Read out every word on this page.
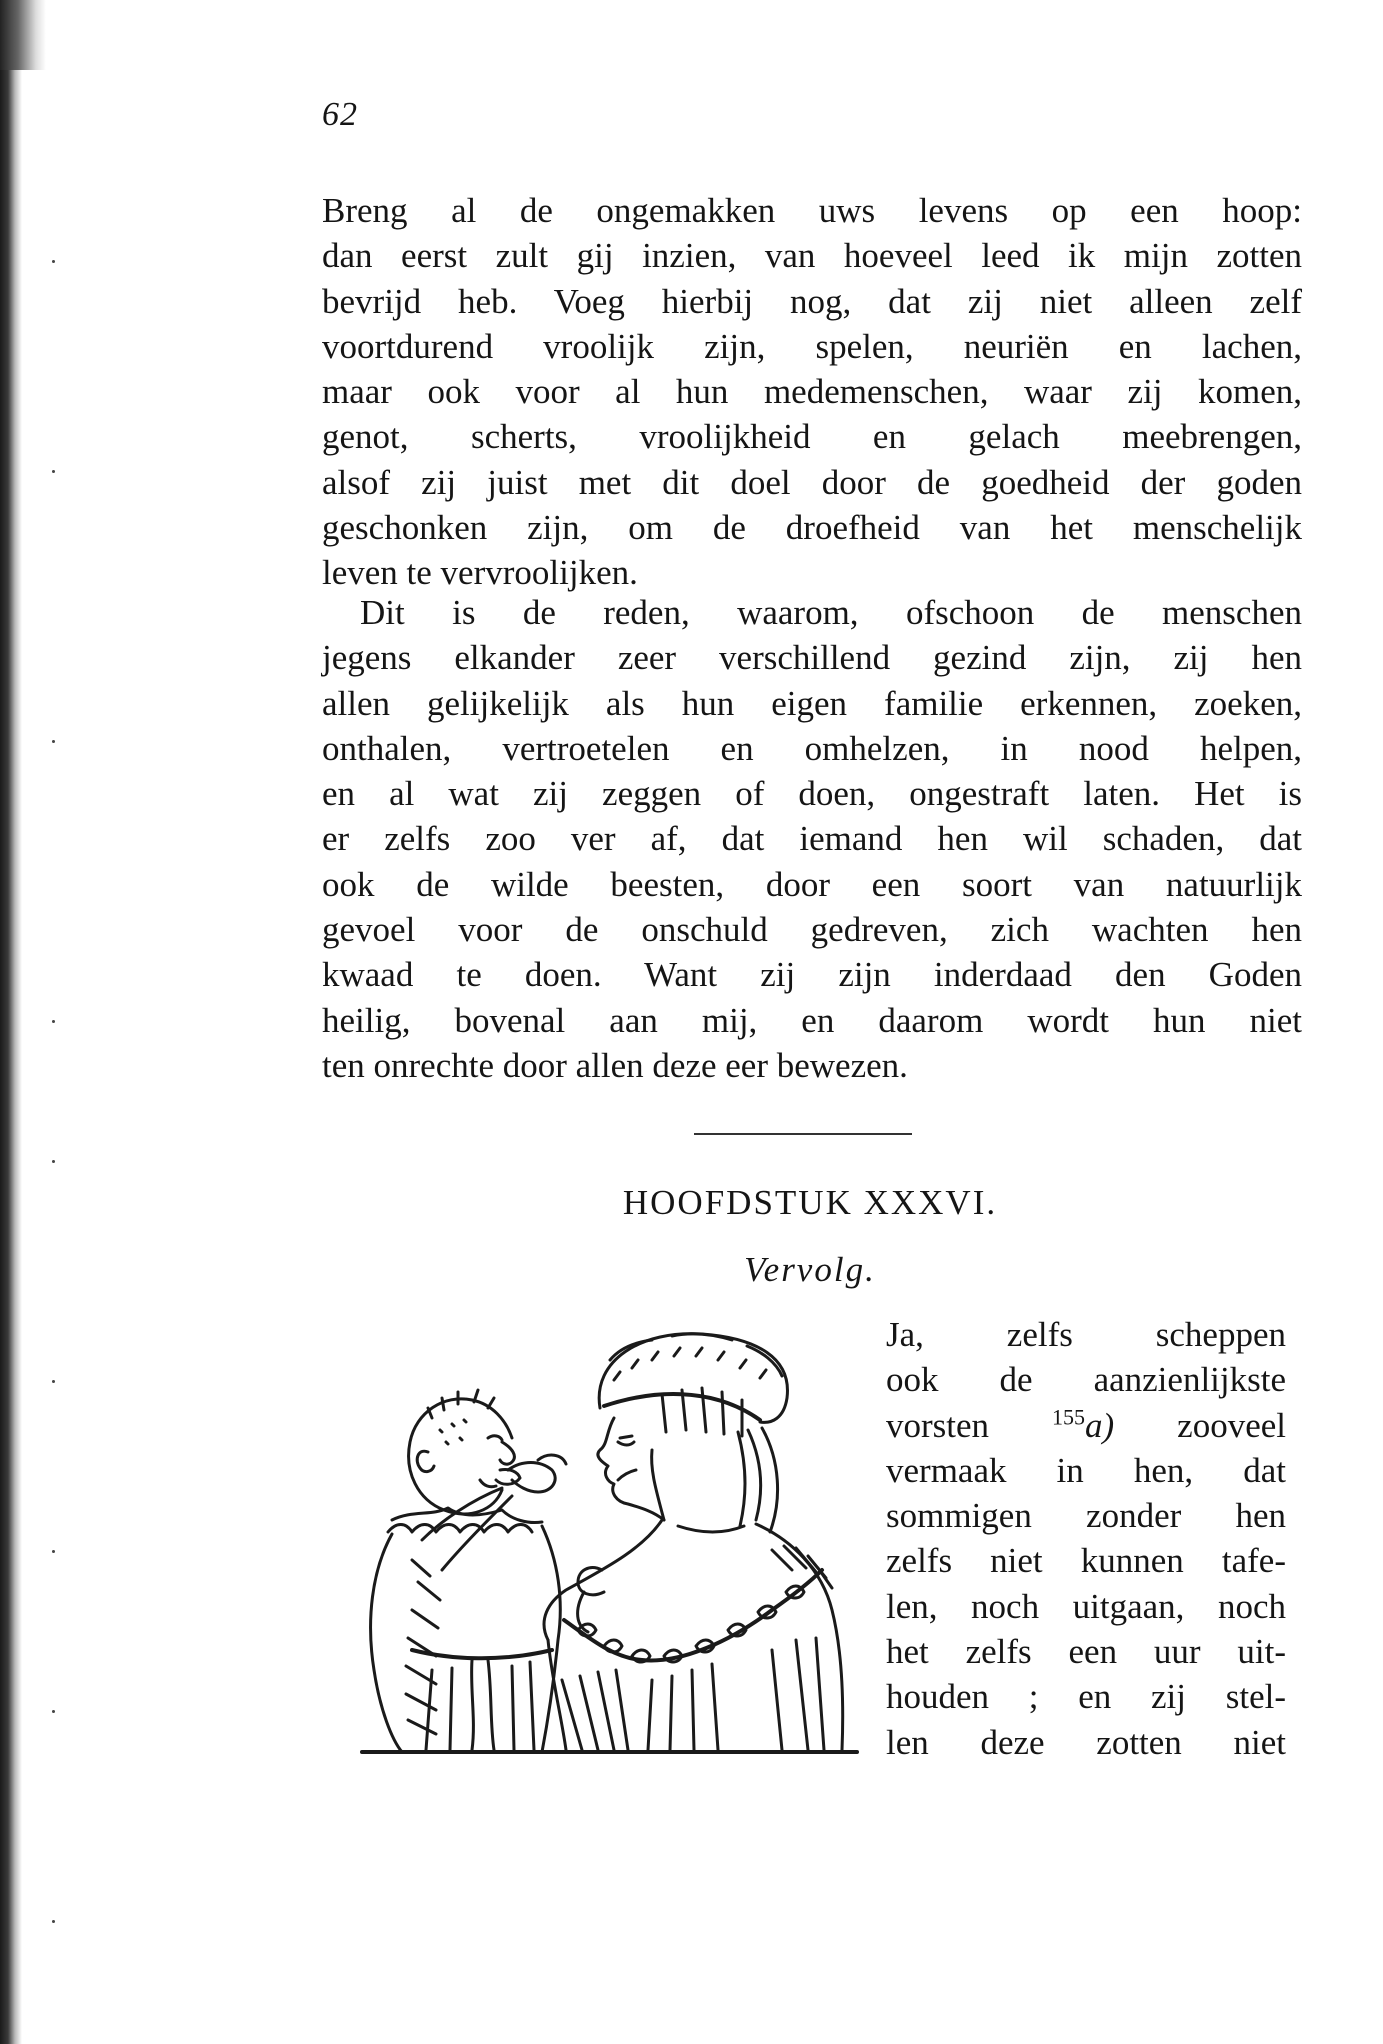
62
Breng al de ongemakken uws levens op een hoop:
dan eerst zult gij inzien, van hoeveel leed ik mijn zotten
bevrijd heb. Voeg hierbij nog, dat zij niet alleen zelf
voortdurend vroolijk zijn, spelen, neuriën en lachen,
maar ook voor al hun medemenschen, waar zij komen,
genot, scherts, vroolijkheid en gelach meebrengen,
alsof zij juist met dit doel door de goedheid der goden
geschonken zijn, om de droefheid van het menschelijk
leven te vervroolijken.
Dit is de reden, waarom, ofschoon de menschen
jegens elkander zeer verschillend gezind zijn, zij hen
allen gelijkelijk als hun eigen familie erkennen, zoeken,
onthalen, vertroetelen en omhelzen, in nood helpen,
en al wat zij zeggen of doen, ongestraft laten. Het is
er zelfs zoo ver af, dat iemand hen wil schaden, dat
ook de wilde beesten, door een soort van natuurlijk
gevoel voor de onschuld gedreven, zich wachten hen
kwaad te doen. Want zij zijn inderdaad den Goden
heilig, bovenal aan mij, en daarom wordt hun niet
ten onrechte door allen deze eer bewezen.
HOOFDSTUK XXXVI.
Vervolg.
Ja, zelfs scheppen
ook de aanzienlijkste
vorsten	$^{155}$a) zooveel
vermaak in hen, dat
sommigen zonder hen
zelfs niet kunnen tafe-
len, noch uitgaan, noch
het zelfs een uur uit-
houden ; en zij stel-
len deze zotten niet
